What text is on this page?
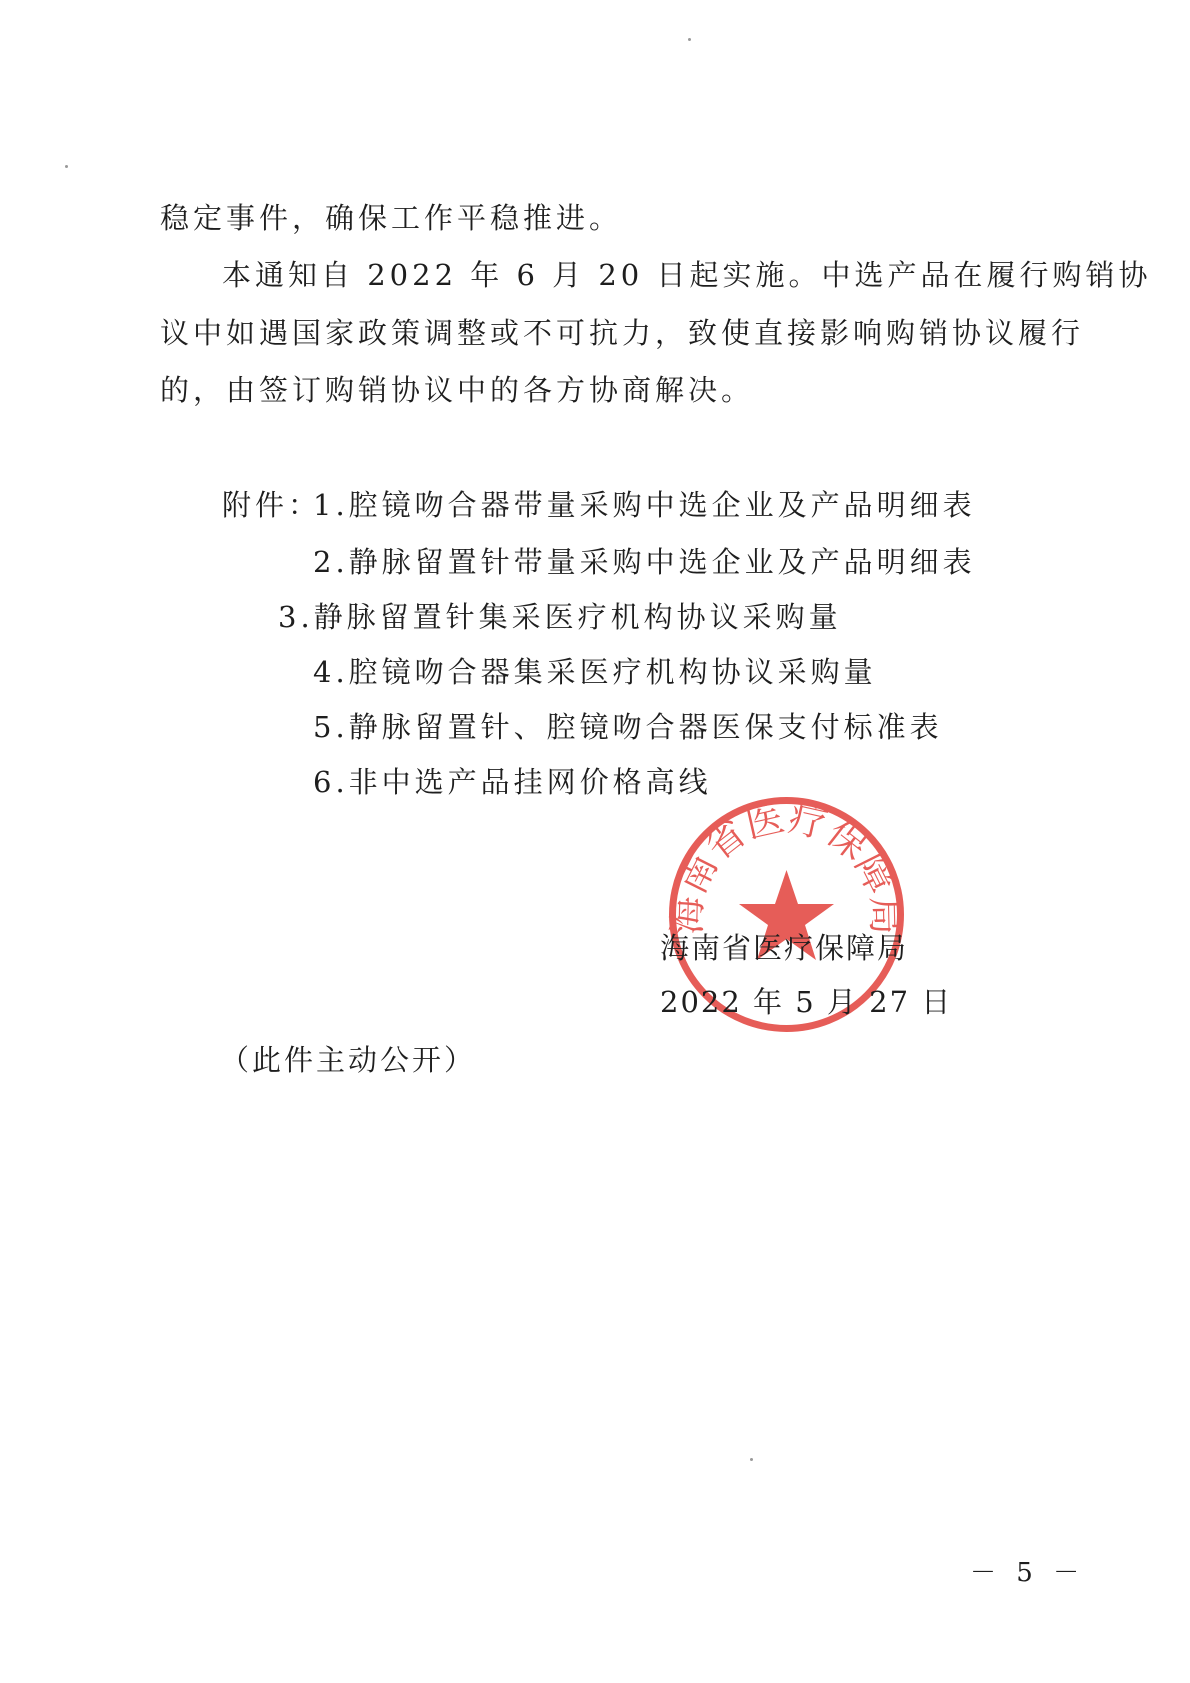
稳定事件，确保工作平稳推进。
本通知自 2022 年 6 月 20 日起实施。中选产品在履行购销协
议中如遇国家政策调整或不可抗力，致使直接影响购销协议履行
的，由签订购销协议中的各方协商解决。
附件：
1.腔镜吻合器带量采购中选企业及产品明细表
2.静脉留置针带量采购中选企业及产品明细表
3.静脉留置针集采医疗机构协议采购量
4.腔镜吻合器集采医疗机构协议采购量
5.静脉留置针、腔镜吻合器医保支付标准表
6.非中选产品挂网价格高线
海南省医疗保障局
海南省医疗保障局
2022 年 5 月 27 日
（此件主动公开）
－ 5 －
